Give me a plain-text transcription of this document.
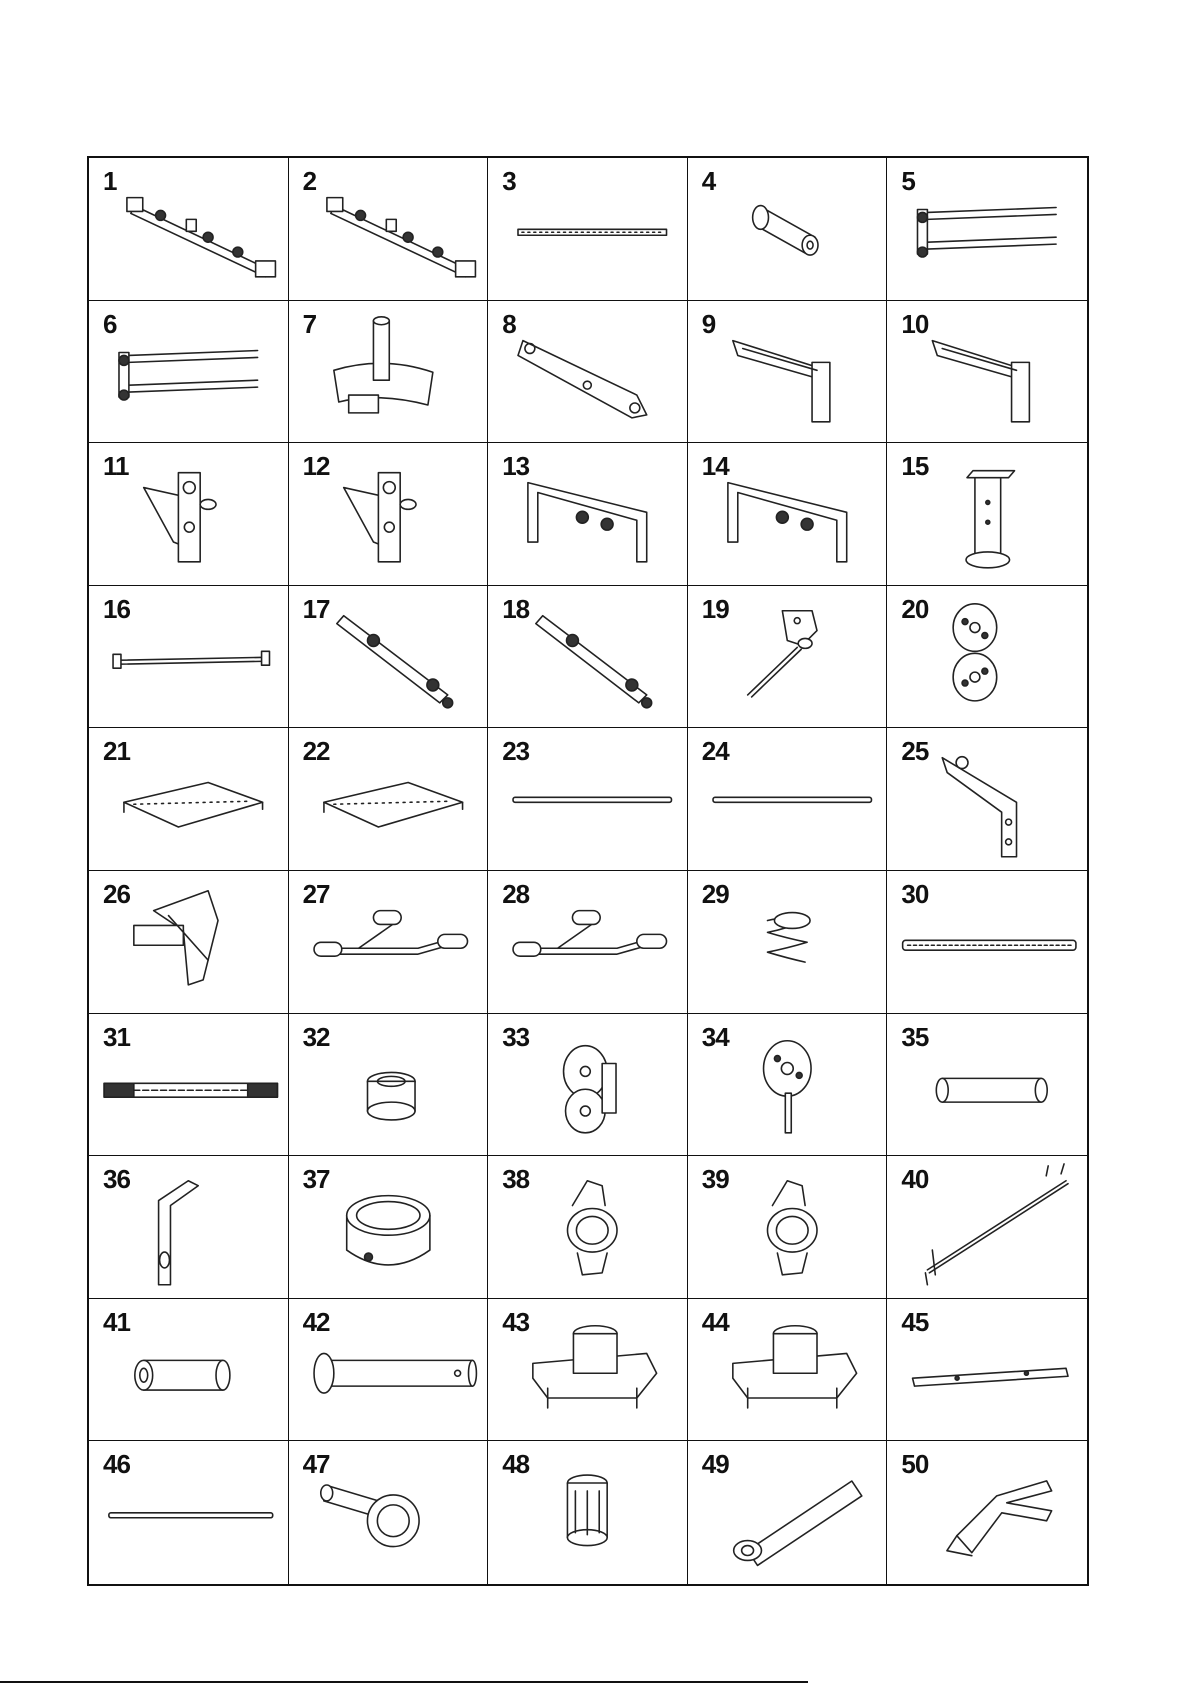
1	2	3	4	5
6	7	8	9	10
11	12	13	14	15
16	17	18	19	20
21	22	23	24	25
26	27	28	29	30
31	32	33	34	35
36	37	38	39	40
41	42	43	44	45
46	47	48	49	50
